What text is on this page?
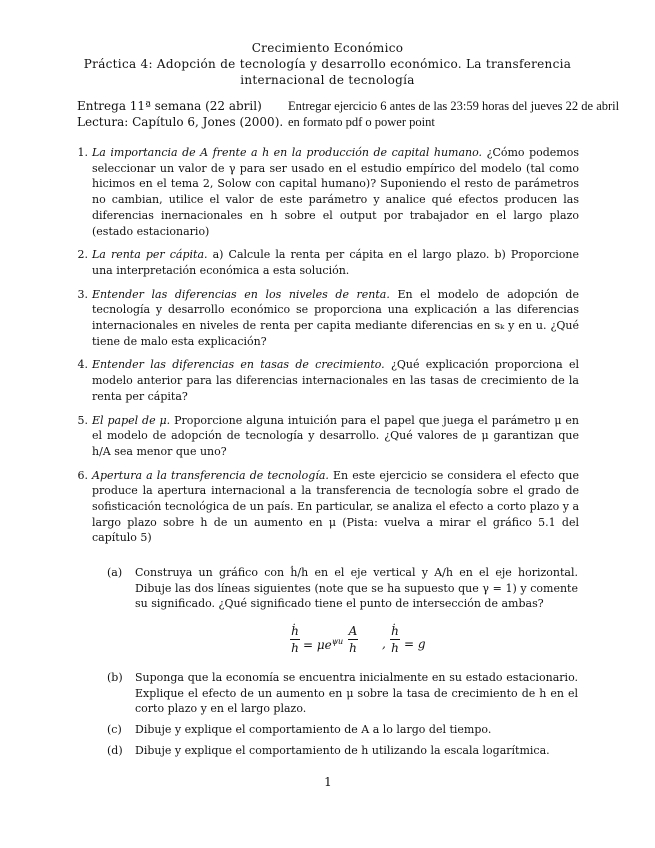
Crecimiento Económico
Práctica 4: Adopción de tecnología y desarrollo económico. La transferencia
internacional de tecnología
Entrega 11ª semana (22 abril)
Lectura: Capítulo 6, Jones (2000).
Entregar ejercicio 6 antes de las 23:59 horas del jueves 22 de abril en formato pdf o power point
1. La importancia de A frente a h en la producción de capital humano. ¿Cómo podemos seleccionar un valor de γ para ser usado en el estudio empírico del modelo (tal como hicimos en el tema 2, Solow con capital humano)? Suponiendo el resto de parámetros no cambian, utilice el valor de este parámetro y analice qué efectos producen las diferencias inernacionales en h sobre el output por trabajador en el largo plazo (estado estacionario)
2. La renta per cápita. a) Calcule la renta per cápita en el largo plazo. b) Proporcione una interpretación económica a esta solución.
3. Entender las diferencias en los niveles de renta. En el modelo de adopción de tecnología y desarrollo económico se proporciona una explicación a las diferencias internacionales en niveles de renta per capita mediante diferencias en sₖ y en u. ¿Qué tiene de malo esta explicación?
4. Entender las diferencias en tasas de crecimiento. ¿Qué explicación proporciona el modelo anterior para las diferencias internacionales en las tasas de crecimiento de la renta per cápita?
5. El papel de μ. Proporcione alguna intuición para el papel que juega el parámetro μ en el modelo de adopción de tecnología y desarrollo. ¿Qué valores de μ garantizan que h/A sea menor que uno?
6. Apertura a la transferencia de tecnología. En este ejercicio se considera el efecto que produce la apertura internacional a la transferencia de tecnología sobre el grado de sofisticación tecnológica de un país. En particular, se analiza el efecto a corto plazo y a largo plazo sobre h de un aumento en μ (Pista: vuelva a mirar el gráfico 5.1 del capítulo 5)
(a)	Construya un gráfico con ḣ/h en el eje vertical y A/h en el eje horizontal. Dibuje las dos líneas siguientes (note que se ha supuesto que γ = 1) y comente su significado. ¿Qué significado tiene el punto de intersección de ambas?
ḣ
$h = \mu e^{\psi u}$
A
h ,
ḣ
h = g
(b)	Suponga que la economía se encuentra inicialmente en su estado estacionario. Explique el efecto de un aumento en μ sobre la tasa de crecimiento de h en el corto plazo y en el largo plazo.
(c)	Dibuje y explique el comportamiento de A a lo largo del tiempo.
(d)	Dibuje y explique el comportamiento de h utilizando la escala logarítmica.
1
